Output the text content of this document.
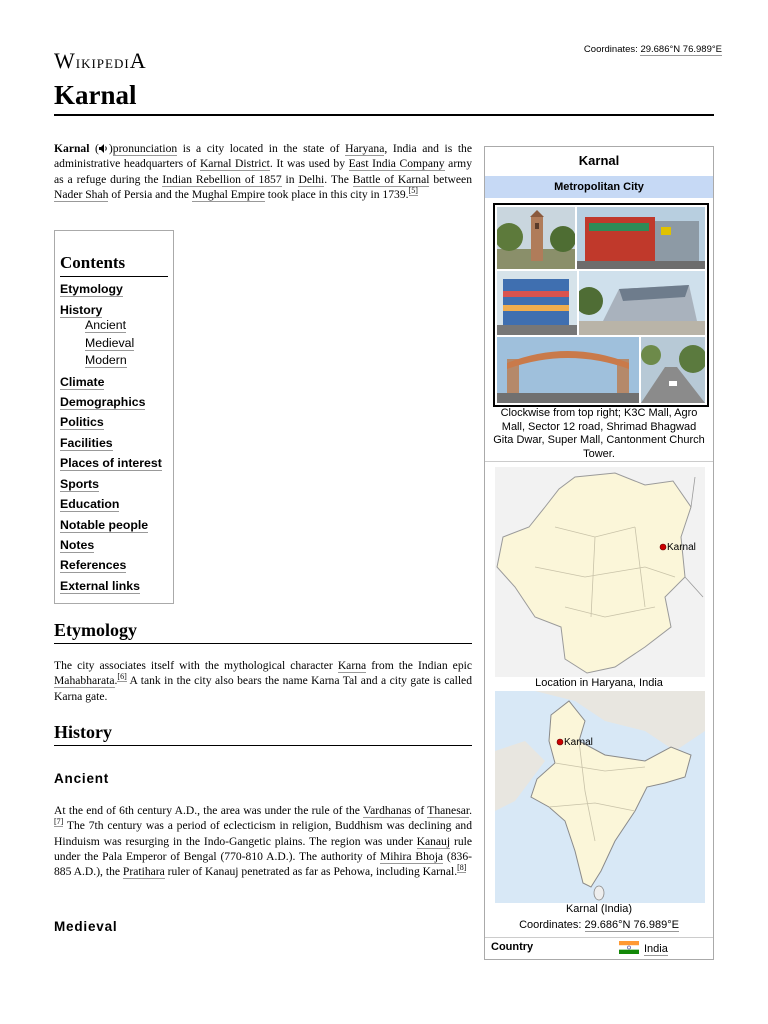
WikipediA	Coordinates: 29.686°N 76.989°E
Karnal
Karnal ( )pronunciation is a city located in the state of Haryana, India and is the administrative headquarters of Karnal District. It was used by East India Company army as a refuge during the Indian Rebellion of 1857 in Delhi. The Battle of Karnal between Nader Shah of Persia and the Mughal Empire took place in this city in 1739.[5]
Contents
Etymology
History
Ancient
Medieval
Modern
Climate
Demographics
Politics
Facilities
Places of interest
Sports
Education
Notable people
Notes
References
External links
Etymology
The city associates itself with the mythological character Karna from the Indian epic Mahabharata.[6] A tank in the city also bears the name Karna Tal and a city gate is called Karna gate.
History
Ancient
At the end of 6th century A.D., the area was under the rule of the Vardhanas of Thanesar.[7] The 7th century was a period of eclecticism in religion, Buddhism was declining and Hinduism was resurging in the Indo-Gangetic plains. The region was under Kanauj rule under the Pala Emperor of Bengal (770-810 A.D.). The authority of Mihira Bhoja (836-885 A.D.), the Pratihara ruler of Kanauj penetrated as far as Pehowa, including Karnal.[8]
Medieval
Karnal
Metropolitan City
Clockwise from top right; K3C Mall, Agro Mall, Sector 12 road, Shrimad Bhagwad Gita Dwar, Super Mall, Cantonment Church Tower.
Karnal
Location in Haryana, India
Karnal
Karnal (India)
Coordinates: 29.686°N 76.989°E
Country	India
